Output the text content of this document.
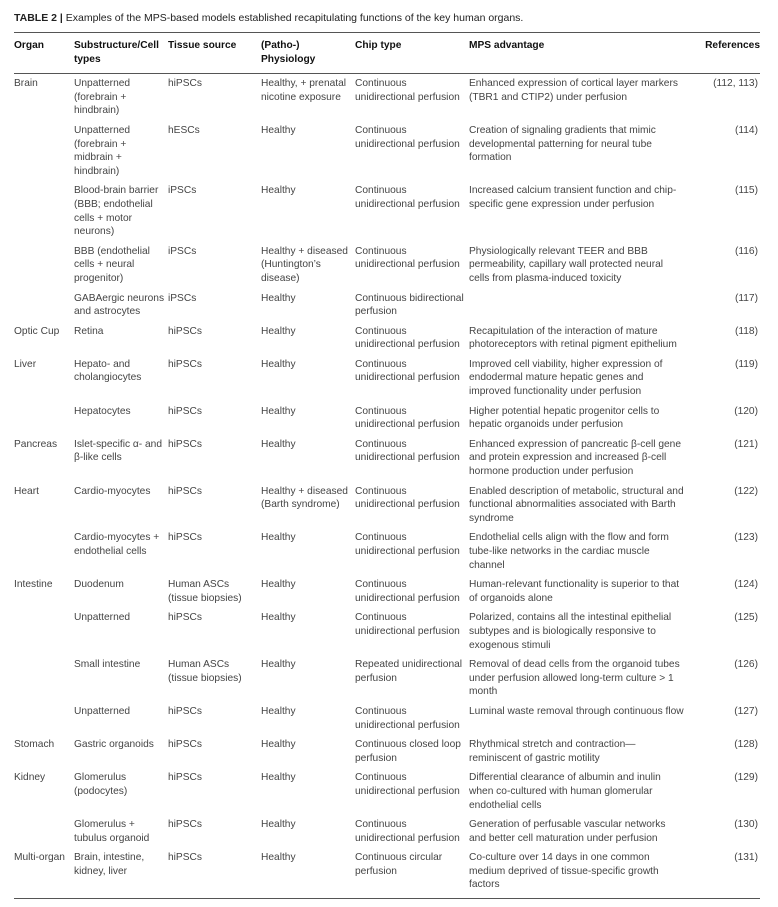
TABLE 2 | Examples of the MPS-based models established recapitulating functions of the key human organs.

Organ	Substructure/Cell types	Tissue source	(Patho-) Physiology	Chip type	MPS advantage	References
Brain	Unpatterned (forebrain + hindbrain)	hiPSCs	Healthy, + prenatal nicotine exposure	Continuous unidirectional perfusion	Enhanced expression of cortical layer markers (TBR1 and CTIP2) under perfusion	(112, 113)
	Unpatterned (forebrain + midbrain + hindbrain)	hESCs	Healthy	Continuous unidirectional perfusion	Creation of signaling gradients that mimic developmental patterning for neural tube formation	(114)
	Blood-brain barrier (BBB; endothelial cells + motor neurons)	iPSCs	Healthy	Continuous unidirectional perfusion	Increased calcium transient function and chip-specific gene expression under perfusion	(115)
	BBB (endothelial cells + neural progenitor)	iPSCs	Healthy + diseased (Huntington’s disease)	Continuous unidirectional perfusion	Physiologically relevant TEER and BBB permeability, capillary wall protected neural cells from plasma-induced toxicity	(116)
	GABAergic neurons and astrocytes	iPSCs	Healthy	Continuous bidirectional perfusion		(117)
Optic Cup	Retina	hiPSCs	Healthy	Continuous unidirectional perfusion	Recapitulation of the interaction of mature photoreceptors with retinal pigment epithelium	(118)
Liver	Hepato- and cholangiocytes	hiPSCs	Healthy	Continuous unidirectional perfusion	Improved cell viability, higher expression of endodermal mature hepatic genes and improved functionality under perfusion	(119)
	Hepatocytes	hiPSCs	Healthy	Continuous unidirectional perfusion	Higher potential hepatic progenitor cells to hepatic organoids under perfusion	(120)
Pancreas	Islet-specific α- and β-like cells	hiPSCs	Healthy	Continuous unidirectional perfusion	Enhanced expression of pancreatic β-cell gene and protein expression and increased β-cell hormone production under perfusion	(121)
Heart	Cardio-myocytes	hiPSCs	Healthy + diseased (Barth syndrome)	Continuous unidirectional perfusion	Enabled description of metabolic, structural and functional abnormalities associated with Barth syndrome	(122)
	Cardio-myocytes + endothelial cells	hiPSCs	Healthy	Continuous unidirectional perfusion	Endothelial cells align with the flow and form tube-like networks in the cardiac muscle channel	(123)
Intestine	Duodenum	Human ASCs (tissue biopsies)	Healthy	Continuous unidirectional perfusion	Human-relevant functionality is superior to that of organoids alone	(124)
	Unpatterned	hiPSCs	Healthy	Continuous unidirectional perfusion	Polarized, contains all the intestinal epithelial subtypes and is biologically responsive to exogenous stimuli	(125)
	Small intestine	Human ASCs (tissue biopsies)	Healthy	Repeated unidirectional perfusion	Removal of dead cells from the organoid tubes under perfusion allowed long-term culture > 1 month	(126)
	Unpatterned	hiPSCs	Healthy	Continuous unidirectional perfusion	Luminal waste removal through continuous flow	(127)
Stomach	Gastric organoids	hiPSCs	Healthy	Continuous closed loop perfusion	Rhythmical stretch and contraction—reminiscent of gastric motility	(128)
Kidney	Glomerulus (podocytes)	hiPSCs	Healthy	Continuous unidirectional perfusion	Differential clearance of albumin and inulin when co-cultured with human glomerular endothelial cells	(129)
	Glomerulus + tubulus organoid	hiPSCs	Healthy	Continuous unidirectional perfusion	Generation of perfusable vascular networks and better cell maturation under perfusion	(130)
Multi-organ	Brain, intestine, kidney, liver	hiPSCs	Healthy	Continuous circular perfusion	Co-culture over 14 days in one common medium deprived of tissue-specific growth factors	(131)
